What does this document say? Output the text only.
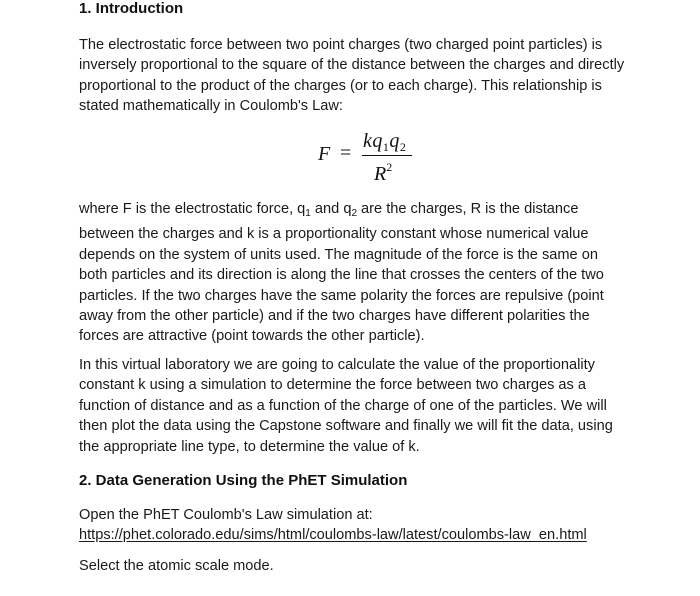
1. Introduction
The electrostatic force between two point charges (two charged point particles) is
inversely proportional to the square of the distance between the charges and directly
proportional to the product of the charges (or to each charge). This relationship is
stated mathematically in Coulomb's Law:
F =
$kq_1q_2$
$R^2$
where F is the electrostatic force, $q_1$ and $q_2$ are the charges, R is the distance
between the charges and k is a proportionality constant whose numerical value
depends on the system of units used. The magnitude of the force is the same on
both particles and its direction is along the line that crosses the centers of the two
particles. If the two charges have the same polarity the forces are repulsive (point
away from the other particle) and if the two charges have different polarities the
forces are attractive (point towards the other particle).
In this virtual laboratory we are going to calculate the value of the proportionality
constant k using a simulation to determine the force between two charges as a
function of distance and as a function of the charge of one of the particles. We will
then plot the data using the Capstone software and finally we will fit the data, using
the appropriate line type, to determine the value of k.
2. Data Generation Using the PhET Simulation
Open the PhET Coulomb's Law simulation at:
https://phet.colorado.edu/sims/html/coulombs-law/latest/coulombs-law_en.html
Select the atomic scale mode.
